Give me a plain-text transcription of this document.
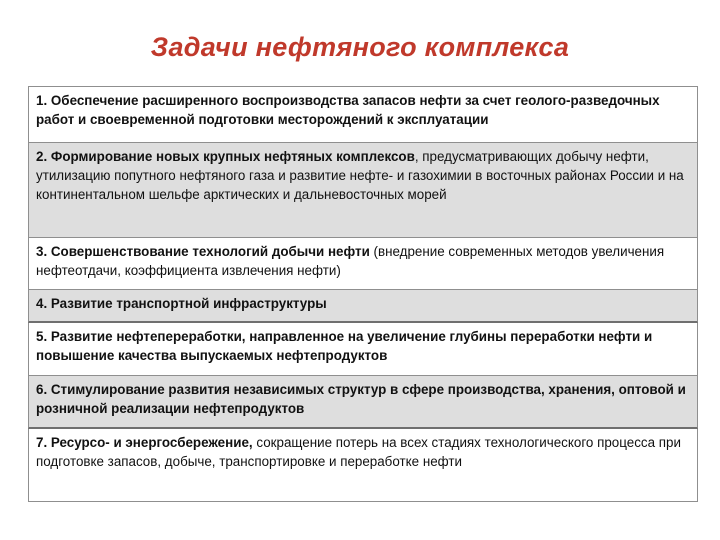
Задачи нефтяного комплекса
1. Обеспечение расширенного воспроизводства запасов нефти за счет геолого-разведочных работ и своевременной подготовки месторождений к эксплуатации
2. Формирование новых крупных нефтяных комплексов, предусматривающих добычу нефти, утилизацию попутного нефтяного газа и развитие нефте- и газохимии в восточных районах России и на континентальном шельфе арктических и дальневосточных морей
3. Совершенствование технологий добычи нефти (внедрение современных методов увеличения нефтеотдачи, коэффициента извлечения нефти)
4. Развитие транспортной инфраструктуры
5. Развитие нефтепереработки, направленное на увеличение глубины переработки нефти и повышение качества выпускаемых нефтепродуктов
6. Стимулирование развития независимых структур в сфере производства, хранения, оптовой и розничной реализации нефтепродуктов
7. Ресурсо- и энергосбережение, сокращение потерь на всех стадиях технологического процесса при подготовке запасов, добыче, транспортировке и переработке нефти
